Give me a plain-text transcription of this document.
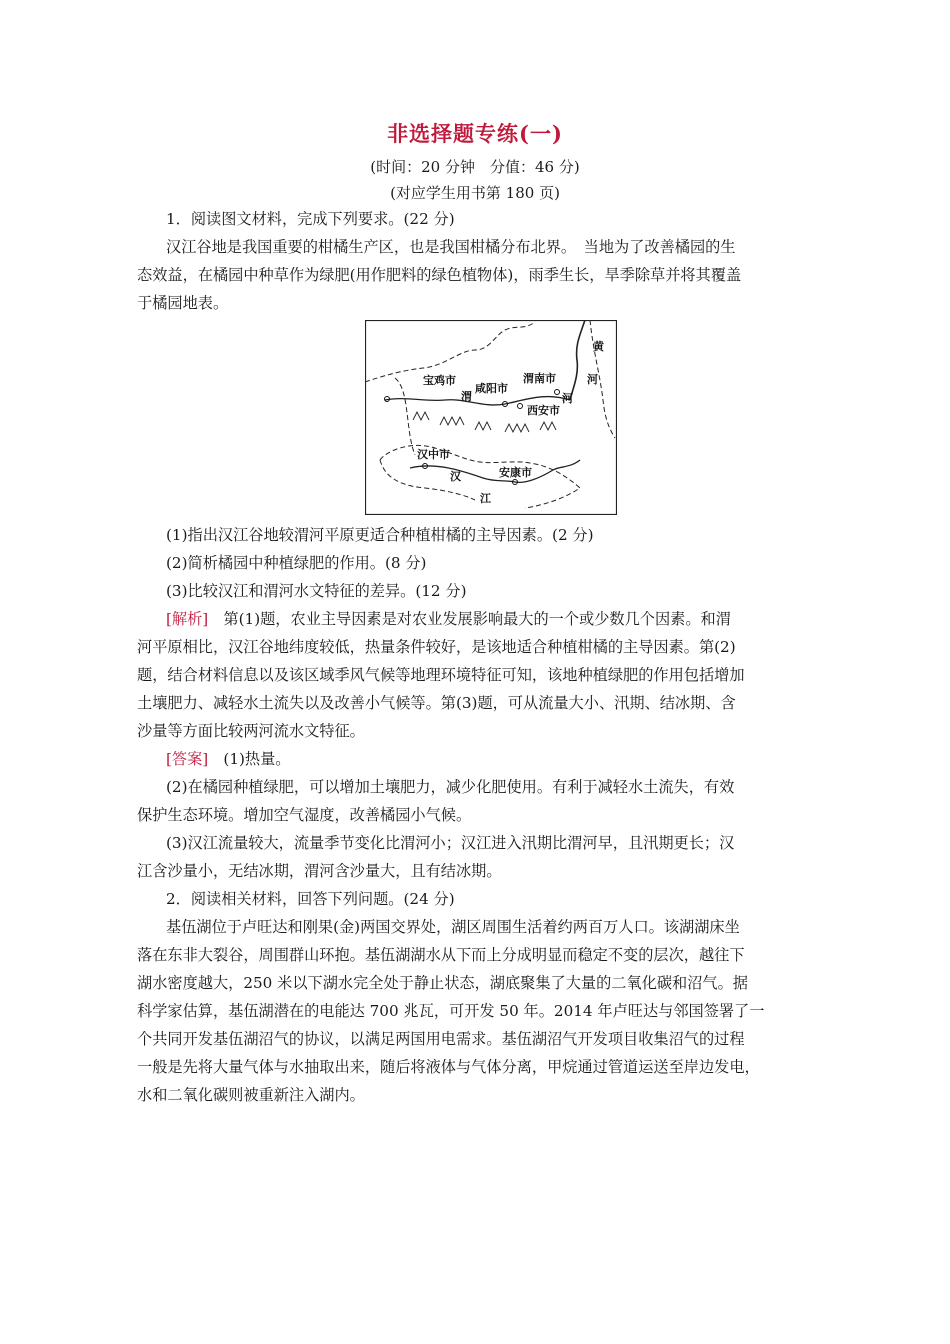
非选择题专练(一)
(时间：20 分钟　分值：46 分)
(对应学生用书第 180 页)
1．阅读图文材料，完成下列要求。(22 分)
汉江谷地是我国重要的柑橘生产区，也是我国柑橘分布北界。　当地为了改善橘园的生
态效益，在橘园中种草作为绿肥(用作肥料的绿色植物体)，雨季生长，旱季除草并将其覆盖
于橘园地表。
宝鸡市
咸阳市
渭南市
西安市
渭	河
黄
河
汉中市
安康市
汉
江
(1)指出汉江谷地较渭河平原更适合种植柑橘的主导因素。(2 分)
(2)简析橘园中种植绿肥的作用。(8 分)
(3)比较汉江和渭河水文特征的差异。(12 分)
[解析]　第(1)题，农业主导因素是对农业发展影响最大的一个或少数几个因素。和渭
河平原相比，汉江谷地纬度较低，热量条件较好，是该地适合种植柑橘的主导因素。第(2)
题，结合材料信息以及该区域季风气候等地理环境特征可知，该地种植绿肥的作用包括增加
土壤肥力、减轻水土流失以及改善小气候等。第(3)题，可从流量大小、汛期、结冰期、含
沙量等方面比较两河流水文特征。
[答案]　(1)热量。
(2)在橘园种植绿肥，可以增加土壤肥力，减少化肥使用。有利于减轻水土流失，有效
保护生态环境。增加空气湿度，改善橘园小气候。
(3)汉江流量较大，流量季节变化比渭河小；汉江进入汛期比渭河早，且汛期更长；汉
江含沙量小，无结冰期，渭河含沙量大，且有结冰期。
2．阅读相关材料，回答下列问题。(24 分)
基伍湖位于卢旺达和刚果(金)两国交界处，湖区周围生活着约两百万人口。该湖湖床坐
落在东非大裂谷，周围群山环抱。基伍湖湖水从下而上分成明显而稳定不变的层次，越往下
湖水密度越大，250 米以下湖水完全处于静止状态，湖底聚集了大量的二氧化碳和沼气。据
科学家估算，基伍湖潜在的电能达 700 兆瓦，可开发 50 年。2014 年卢旺达与邻国签署了一
个共同开发基伍湖沼气的协议，以满足两国用电需求。基伍湖沼气开发项目收集沼气的过程
一般是先将大量气体与水抽取出来，随后将液体与气体分离，甲烷通过管道运送至岸边发电，
水和二氧化碳则被重新注入湖内。
